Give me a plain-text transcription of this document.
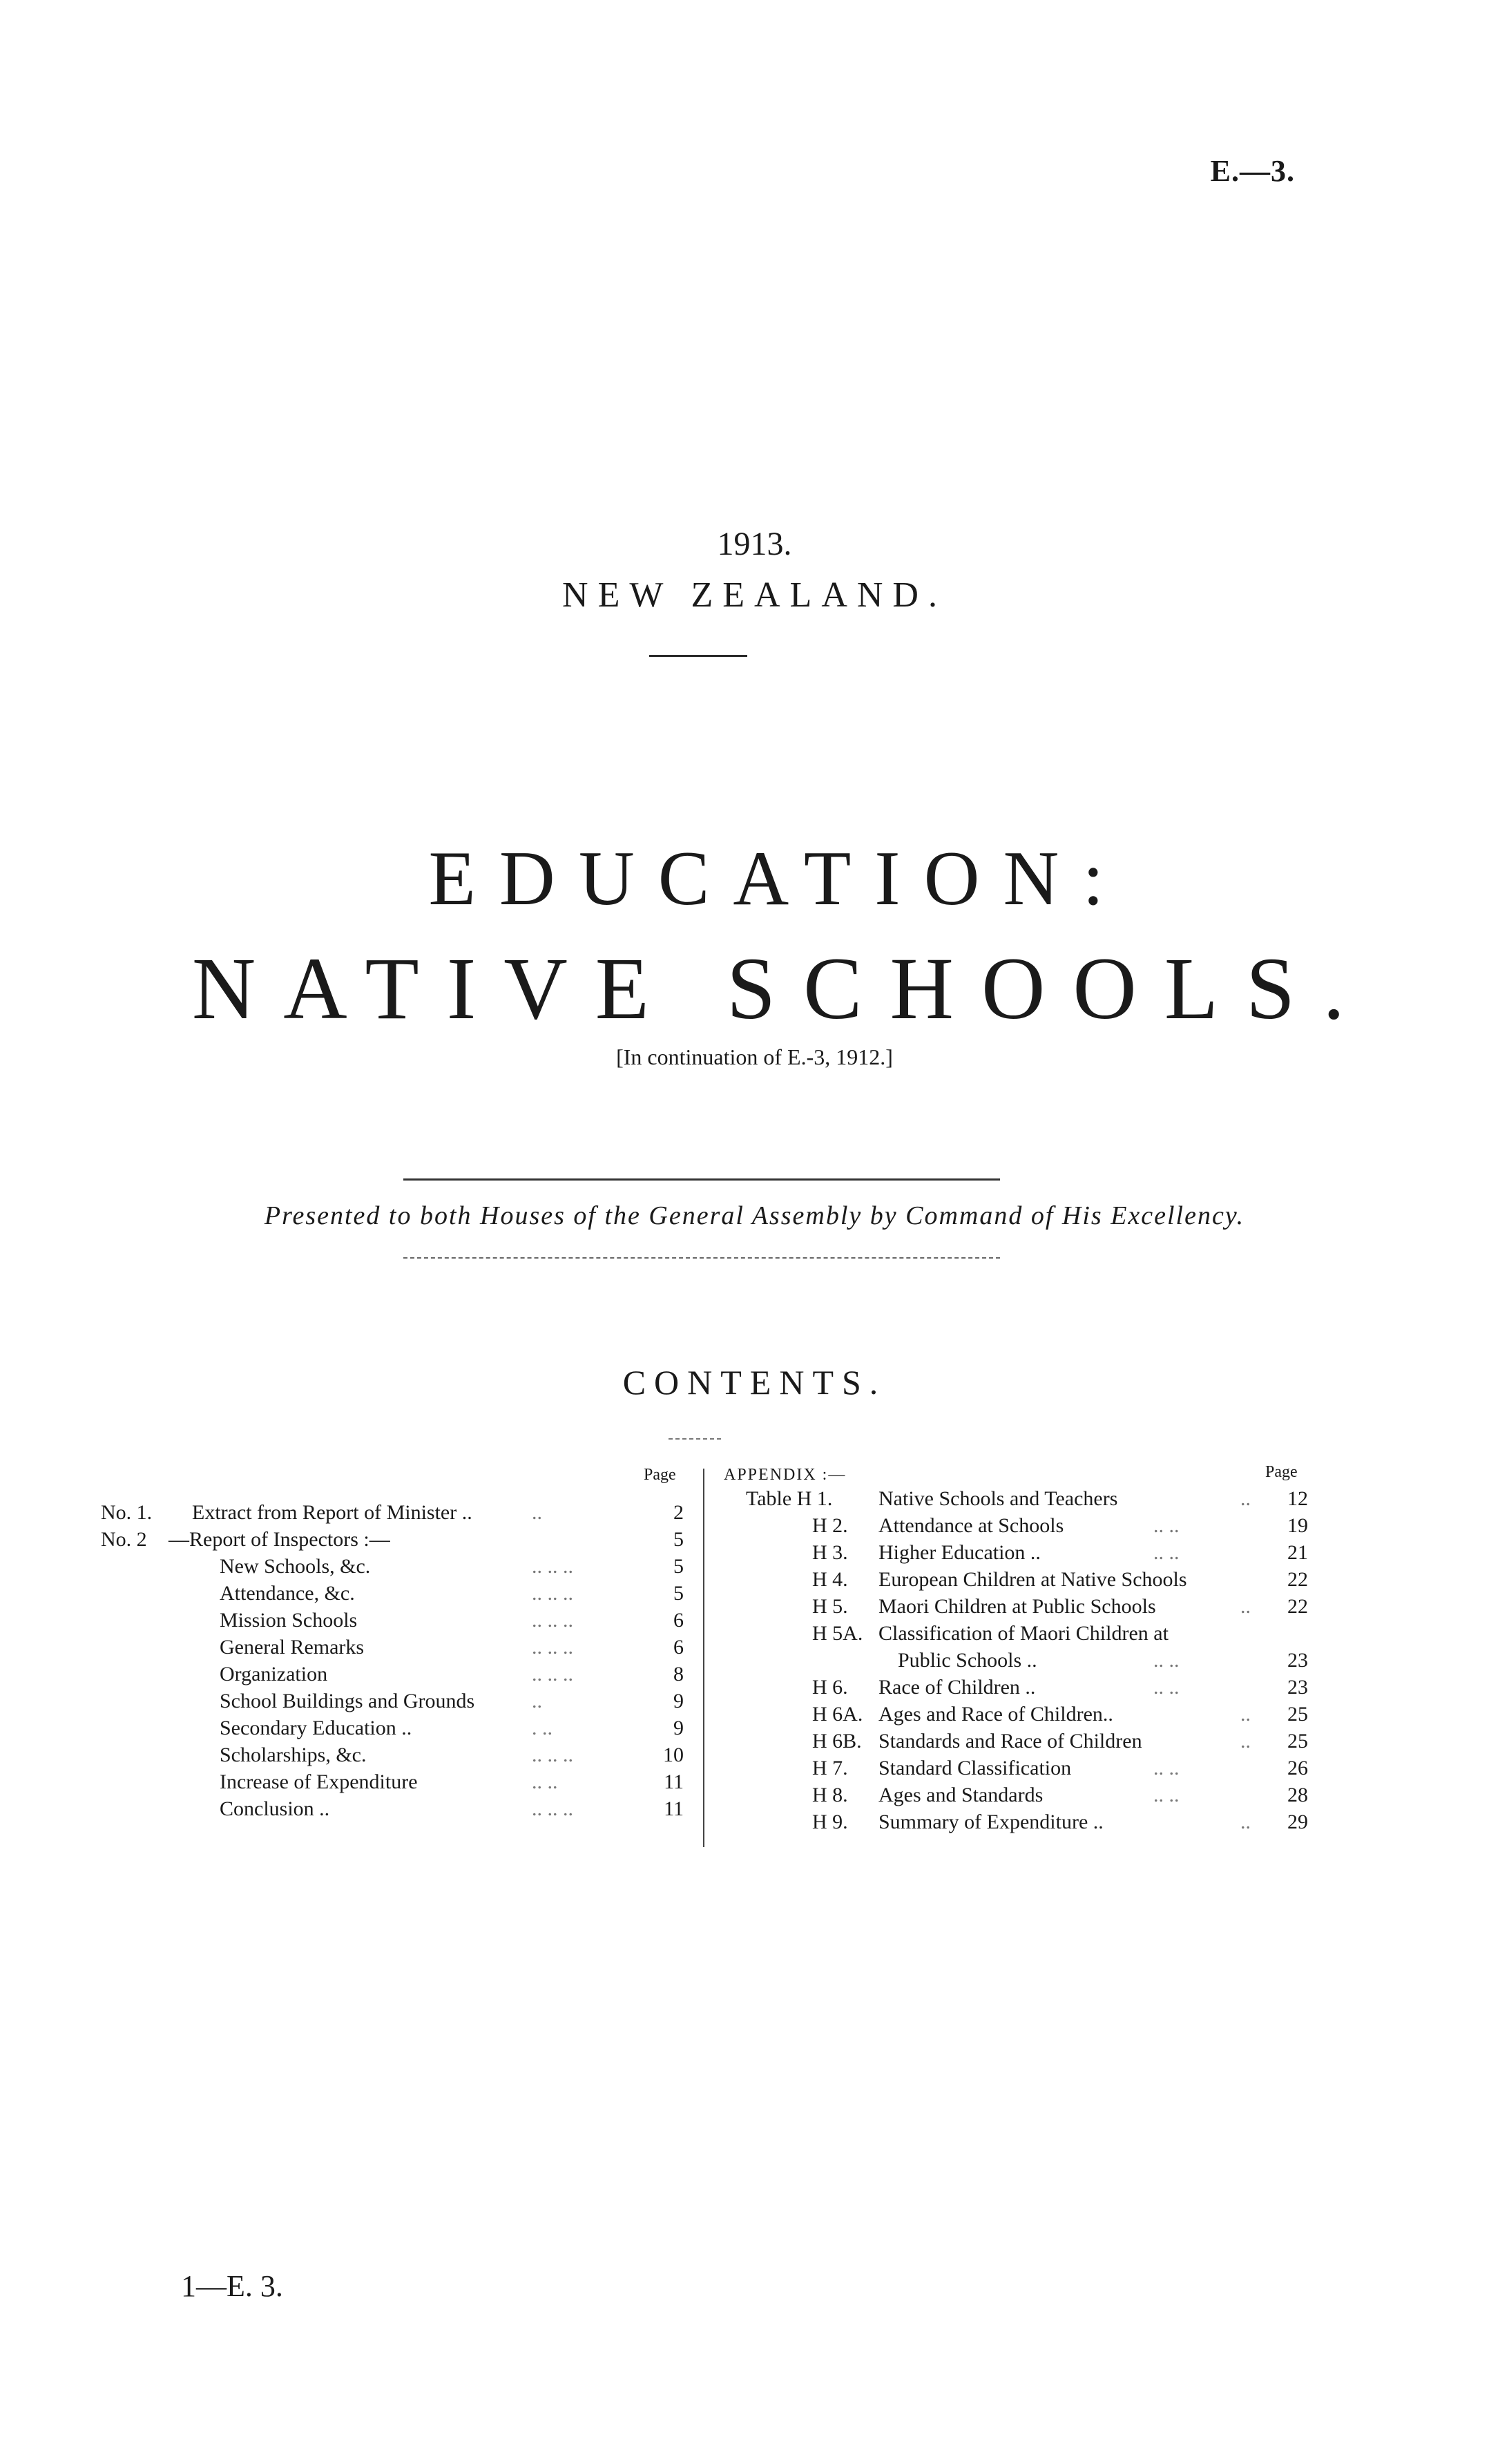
E.—3.
1913.
NEW ZEALAND.
EDUCATION:
NATIVE SCHOOLS.
[In continuation of E.-3, 1912.]
Presented to both Houses of the General Assembly by Command of His Excellency.
CONTENTS.
Page	APPENDIX :—	Page
No. 1. Extract from Report of Minister ..	..	2
No. 2 —Report of Inspectors :—	5
New Schools, &c.	.. .. ..	5
Attendance, &c.	.. .. ..	5
Mission Schools	.. .. ..	6
General Remarks	.. .. ..	6
Organization	.. .. ..	8
School Buildings and Grounds	..	9
Secondary Education ..	. ..	9
Scholarships, &c.	.. .. ..	10
Increase of Expenditure	.. ..	11
Conclusion ..	.. .. ..	11
Table H 1. Native Schools and Teachers	..	12
H 2. Attendance at Schools	.. ..	19
H 3. Higher Education ..	.. ..	21
H 4. European Children at Native Schools	22
H 5. Maori Children at Public Schools	..	22
H 5A. Classification of Maori Children at
Public Schools ..	.. ..	23
H 6. Race of Children ..	.. ..	23
H 6A. Ages and Race of Children..	..	25
H 6B. Standards and Race of Children	..	25
H 7. Standard Classification	.. ..	26
H 8. Ages and Standards	.. ..	28
H 9. Summary of Expenditure ..	..	29
1—E. 3.
